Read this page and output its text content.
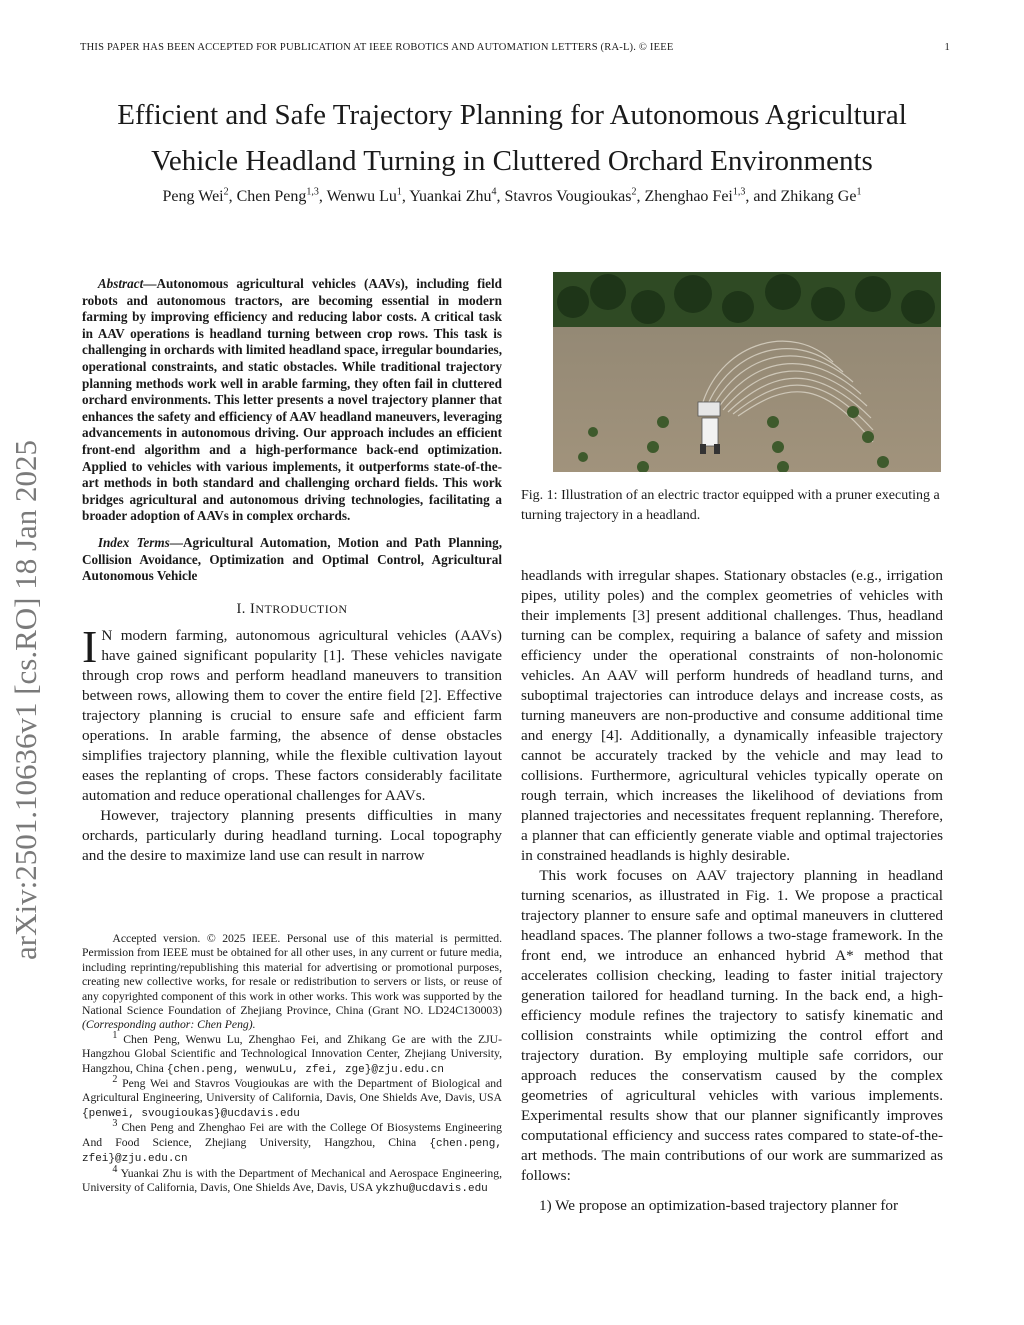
THIS PAPER HAS BEEN ACCEPTED FOR PUBLICATION AT IEEE ROBOTICS AND AUTOMATION LETTERS (RA-L). © IEEE	1
arXiv:2501.10636v1 [cs.RO] 18 Jan 2025
Efficient and Safe Trajectory Planning for Autonomous Agricultural
Vehicle Headland Turning in Cluttered Orchard Environments
Peng Wei$^2$, Chen Peng$^{1,3}$, Wenwu Lu$^1$, Yuankai Zhu$^4$, Stavros Vougioukas$^2$, Zhenghao Fei$^{1,3}$, and Zhikang Ge$^1$

Abstract—Autonomous agricultural vehicles (AAVs), including field robots and autonomous tractors, are becoming essential in modern farming by improving efficiency and reducing labor costs. A critical task in AAV operations is headland turning between crop rows. This task is challenging in orchards with limited headland space, irregular boundaries, operational constraints, and static obstacles. While traditional trajectory planning methods work well in arable farming, they often fail in cluttered orchard environments. This letter presents a novel trajectory planner that enhances the safety and efficiency of AAV headland maneuvers, leveraging advancements in autonomous driving. Our approach includes an efficient front-end algorithm and a high-performance back-end optimization. Applied to vehicles with various implements, it outperforms state-of-the-art methods in both standard and challenging orchard fields. This work bridges agricultural and autonomous driving technologies, facilitating a broader adoption of AAVs in complex orchards.

Index Terms—Agricultural Automation, Motion and Path Planning, Collision Avoidance, Optimization and Optimal Control, Agricultural Autonomous Vehicle

I. INTRODUCTION

I N modern farming, autonomous agricultural vehicles (AAVs) have gained significant popularity [1]. These vehicles navigate through crop rows and perform headland maneuvers to transition between rows, allowing them to cover the entire field [2]. Effective trajectory planning is crucial to ensure safe and efficient farm operations. In arable farming, the absence of dense obstacles simplifies trajectory planning, while the flexible cultivation layout eases the replanting of crops. These factors considerably facilitate automation and reduce operational challenges for AAVs.

However, trajectory planning presents difficulties in many orchards, particularly during headland turning. Local topography and the desire to maximize land use can result in narrow

Accepted version. © 2025 IEEE. Personal use of this material is permitted. Permission from IEEE must be obtained for all other uses, in any current or future media, including reprinting/republishing this material for advertising or promotional purposes, creating new collective works, for resale or redistribution to servers or lists, or reuse of any copyrighted component of this work in other works. This work was supported by the National Science Foundation of Zhejiang Province, China (Grant NO. LD24C130003) (Corresponding author: Chen Peng).

$^1$ Chen Peng, Wenwu Lu, Zhenghao Fei, and Zhikang Ge are with the ZJU-Hangzhou Global Scientific and Technological Innovation Center, Zhejiang University, Hangzhou, China {chen.peng, wenwuLu, zfei, zge}@zju.edu.cn

$^2$ Peng Wei and Stavros Vougioukas are with the Department of Biological and Agricultural Engineering, University of California, Davis, One Shields Ave, Davis, USA {penwei, svougioukas}@ucdavis.edu

$^3$ Chen Peng and Zhenghao Fei are with the College Of Biosystems Engineering And Food Science, Zhejiang University, Hangzhou, China {chen.peng, zfei}@zju.edu.cn

$^4$ Yuankai Zhu is with the Department of Mechanical and Aerospace Engineering, University of California, Davis, One Shields Ave, Davis, USA ykzhu@ucdavis.edu

Fig. 1: Illustration of an electric tractor equipped with a pruner executing a turning trajectory in a headland.

headlands with irregular shapes. Stationary obstacles (e.g., irrigation pipes, utility poles) and the complex geometries of vehicles with their implements [3] present additional challenges. Thus, headland turning can be complex, requiring a balance of safety and mission efficiency under the operational constraints of non-holonomic vehicles. An AAV will perform hundreds of headland turns, and suboptimal trajectories can introduce delays and increase costs, as turning maneuvers are non-productive and consume additional time and energy [4]. Additionally, a dynamically infeasible trajectory cannot be accurately tracked by the vehicle and may lead to collisions. Furthermore, agricultural vehicles typically operate on rough terrain, which increases the likelihood of deviations from planned trajectories and necessitates frequent replanning. Therefore, a planner that can efficiently generate viable and optimal trajectories in constrained headlands is highly desirable.

This work focuses on AAV trajectory planning in headland turning scenarios, as illustrated in Fig. 1. We propose a practical trajectory planner to ensure safe and optimal maneuvers in cluttered headland spaces. The planner follows a two-stage framework. In the front end, we introduce an enhanced hybrid A* method that accelerates collision checking, leading to faster initial trajectory generation tailored for headland turning. In the back end, a high-efficiency module refines the trajectory to satisfy kinematic and collision constraints while optimizing the control effort and trajectory duration. By employing multiple safe corridors, our approach reduces the conservatism caused by the complex geometries of agricultural vehicles with various implements. Experimental results show that our planner significantly improves computational efficiency and success rates compared to state-of-the-art methods. The main contributions of our work are summarized as follows:

1) We propose an optimization-based trajectory planner for
